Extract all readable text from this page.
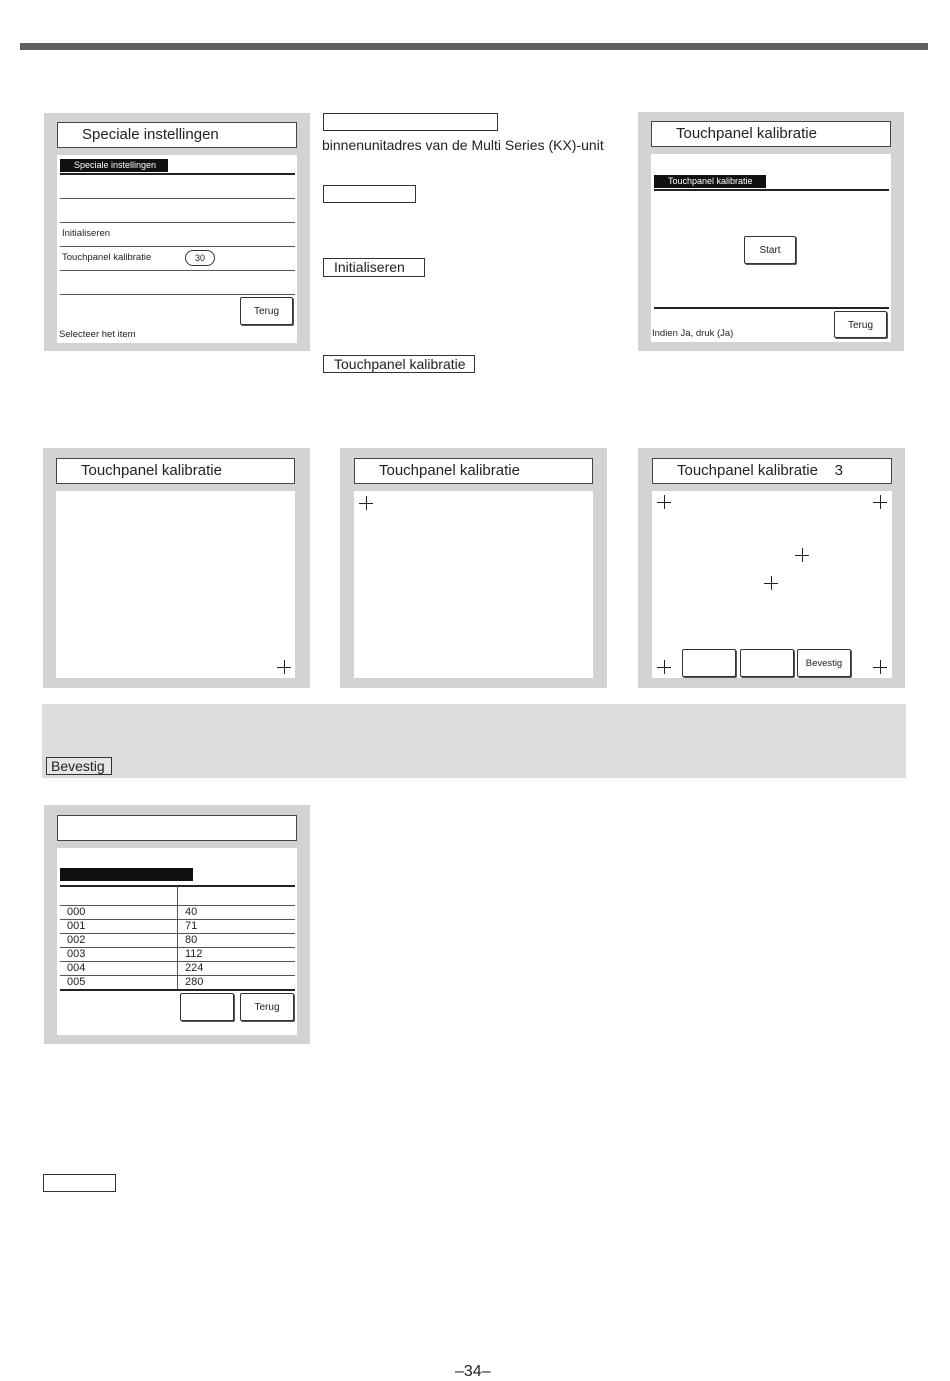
Speciale instellingen
Speciale instellingen
Initialiseren
Touchpanel kalibratie	30
Terug
Selecteer het item
binnenunitadres van de Multi Series (KX)-unit
Initialiseren
Touchpanel kalibratie
Touchpanel kalibratie
Touchpanel kalibratie
Start
Indien Ja, druk (Ja)
Terug
Touchpanel kalibratie	Touchpanel kalibratie	Touchpanel kalibratie    3
Bevestig
Bevestig
Terug
000	40
001	71
002	80
003	112
004	224
005	280
–34–
